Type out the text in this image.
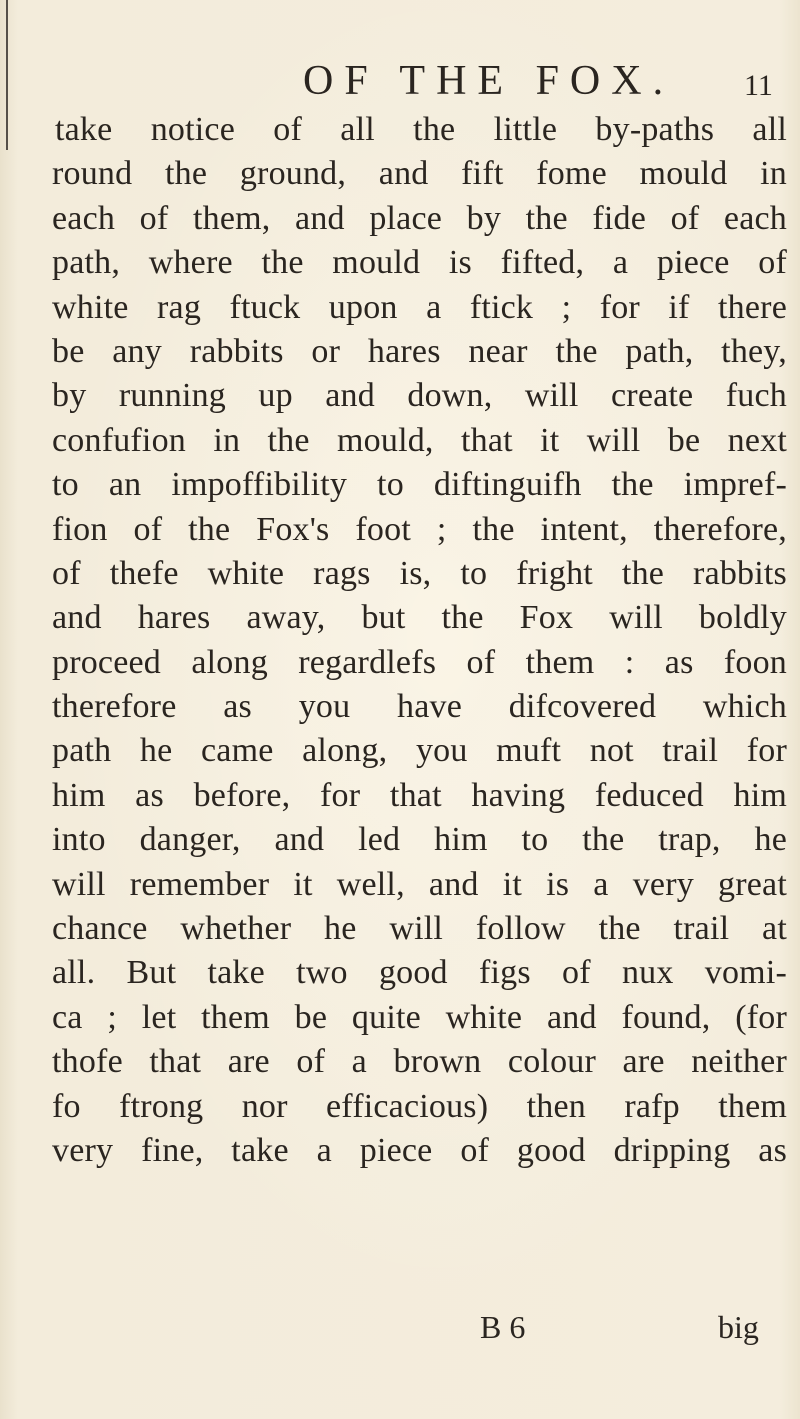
OF THE FOX. 11
take notice of all the little by-paths all
round the ground, and fift fome mould in
each of them, and place by the fide of each
path, where the mould is fifted, a piece of
white rag ftuck upon a ftick ; for if there
be any rabbits or hares near the path, they,
by running up and down, will create fuch
confufion in the mould, that it will be next
to an impoffibility to diftinguifh the impref-
fion of the Fox's foot ; the intent, therefore,
of thefe white rags is, to fright the rabbits
and hares away, but the Fox will boldly
proceed along regardlefs of them : as foon
therefore as you have difcovered which
path he came along, you muft not trail for
him as before, for that having feduced him
into danger, and led him to the trap, he
will remember it well, and it is a very great
chance whether he will follow the trail at
all. But take two good figs of nux vomi-
ca ; let them be quite white and found, (for
thofe that are of a brown colour are neither
fo ftrong nor efficacious) then rafp them
very fine, take a piece of good dripping as
B 6	big
